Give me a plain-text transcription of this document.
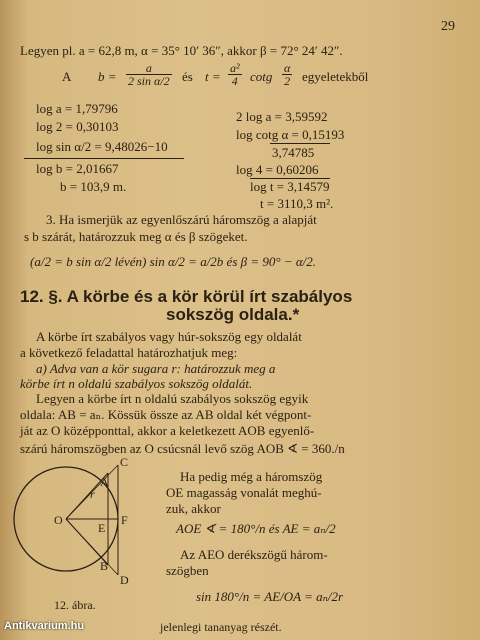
29
Legyen pl. a = 62,8 m, α = 35° 10′ 36″, akkor β = 72° 24′ 42″.
A $b = \frac{a}{\text{2 sin α/2}}$ és $t = \frac{\text{a²}}{4}$ cotg $\frac{\alpha}{2}$ egyeletekből
log a = 1,79796
log 2 = 0,30103
log sin α/2 = 9,48026−10
log b = 2,01667
b = 103,9 m.
2 log a = 3,59592
log cotg α = 0,15193
3,74785
log 4 = 0,60206
log t = 3,14579
t = 3110,3 m².
3. Ha ismerjük az egyenlőszárú háromszög a alapját
s b szárát, határozzuk meg α és β szögeket.
(a/2 = b sin α/2 lévén) sin α/2 = a/2b és β = 90° − α/2.
12. §. A körbe és a kör körül írt szabályos
sokszög oldala.*
A körbe írt szabályos vagy húr-sokszög egy oldalát
a következő feladattal határozhatjuk meg:
a) Adva van a kör sugara r: határozzuk meg a
körbe írt n oldalú szabályos sokszög oldalát.
Legyen a körbe írt n oldalú szabályos sokszög egyik
oldala: AB = aₙ. Kössük össze az AB oldal két végpont-
ját az O középponttal, akkor a keletkezett AOB egyenlő-
szárú háromszögben az O csúcsnál levő szög AOB ∢ = 360./n
Ha pedig még a háromszög
OE magasság vonalát meghú-
zuk, akkor
AOE ∢ = 180°/n és AE = aₙ/2
Az AEO derékszögű három-
szögben
sin 180°/n = AE/OA = aₙ/2r
O
A
B
C
D
E
F
r
12. ábra.
jelenlegi tananyag részét.
Antikvarium.hu
